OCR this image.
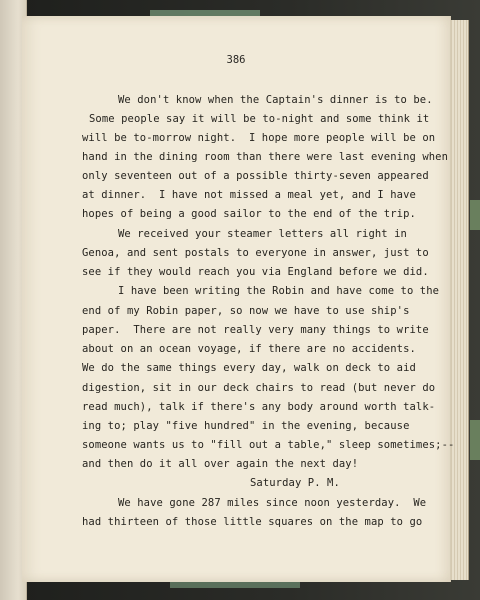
386
We don't know when the Captain's dinner is to be.
Some people say it will be to-night and some think it
will be to-morrow night.  I hope more people will be on
hand in the dining room than there were last evening when
only seventeen out of a possible thirty-seven appeared
at dinner.  I have not missed a meal yet, and I have
hopes of being a good sailor to the end of the trip.
We received your steamer letters all right in
Genoa, and sent postals to everyone in answer, just to
see if they would reach you via England before we did.
I have been writing the Robin and have come to the
end of my Robin paper, so now we have to use ship's
paper.  There are not really very many things to write
about on an ocean voyage, if there are no accidents.
We do the same things every day, walk on deck to aid
digestion, sit in our deck chairs to read (but never do
read much), talk if there's any body around worth talk-
ing to; play "five hundred" in the evening, because
someone wants us to "fill out a table," sleep sometimes;--
and then do it all over again the next day!
Saturday P. M.
We have gone 287 miles since noon yesterday.  We
had thirteen of those little squares on the map to go
